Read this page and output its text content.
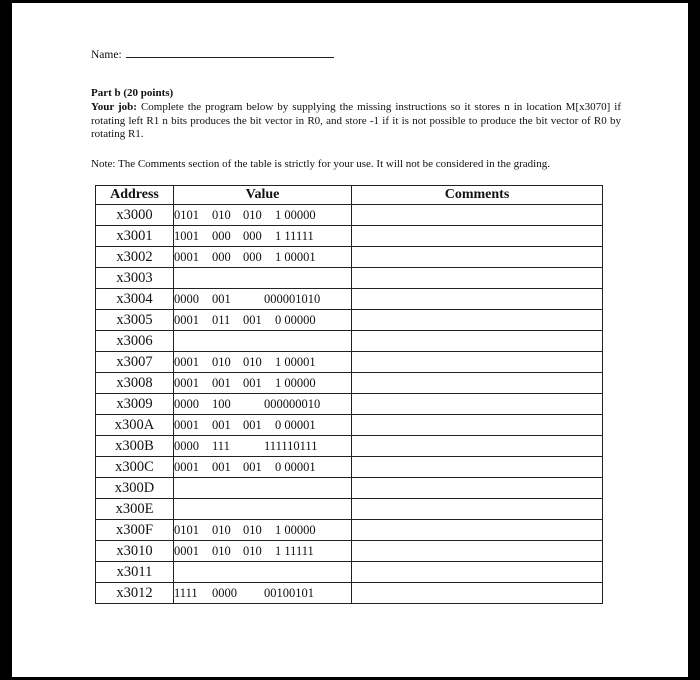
Name:
Part b (20 points)
Your job: Complete the program below by supplying the missing instructions so it stores n in location M[x3070] if rotating left R1 n bits produces the bit vector in R0, and store -1 if it is not possible to produce the bit vector of R0 by rotating R1.
Note: The Comments section of the table is strictly for your use. It will not be considered in the grading.
Address	Value	Comments
x3000	0101 010 010 1 00000	
x3001	1001 000 000 1 11111	
x3002	0001 000 000 1 00001	
x3003		
x3004	0000 001 000001010	
x3005	0001 011 001 0 00000	
x3006		
x3007	0001 010 010 1 00001	
x3008	0001 001 001 1 00000	
x3009	0000 100 000000010	
x300A	0001 001 001 0 00001	
x300B	0000 111 111110111	
x300C	0001 001 001 0 00001	
x300D		
x300E		
x300F	0101 010 010 1 00000	
x3010	0001 010 010 1 11111	
x3011		
x3012	1111 0000 00100101	
